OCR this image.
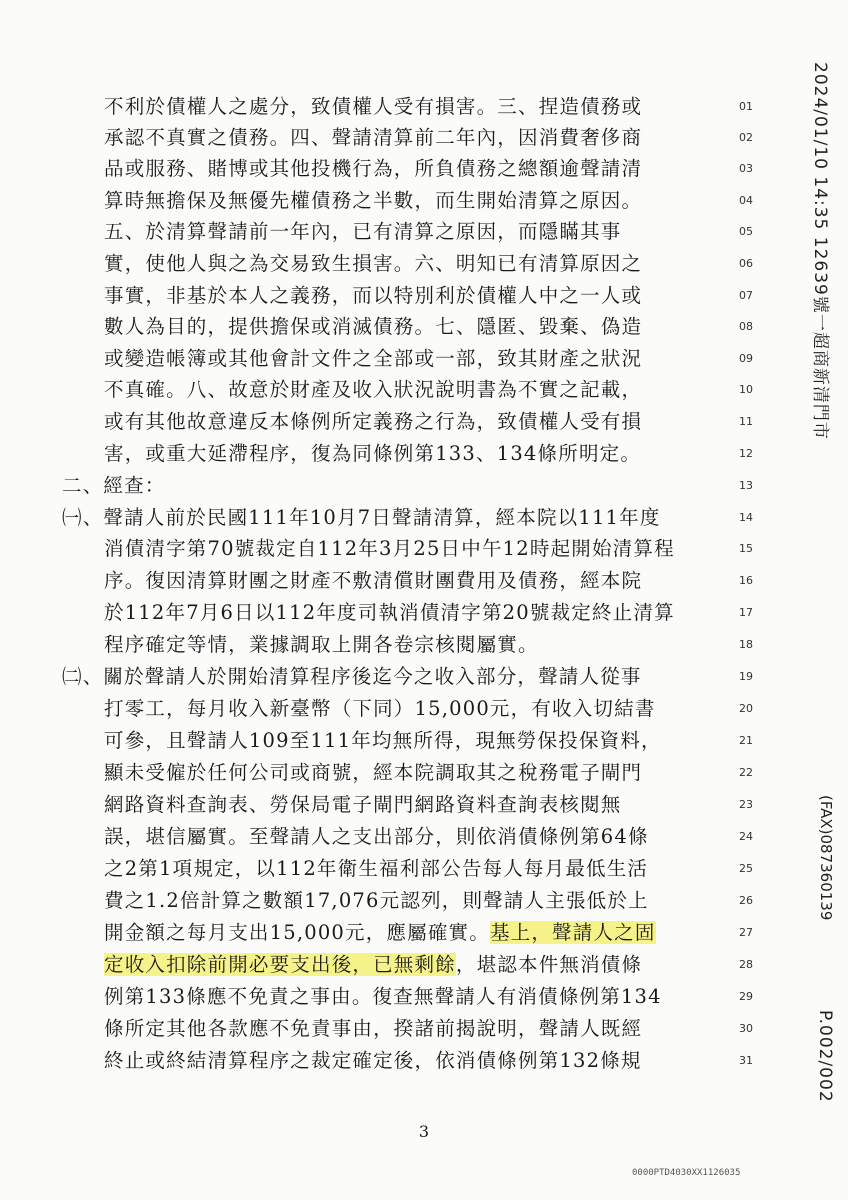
不利於債權人之處分，致債權人受有損害。三、捏造債務或	01
承認不真實之債務。四、聲請清算前二年內，因消費奢侈商	02
品或服務、賭博或其他投機行為，所負債務之總額逾聲請清	03
算時無擔保及無優先權債務之半數，而生開始清算之原因。	04
五、於清算聲請前一年內，已有清算之原因，而隱瞞其事	05
實，使他人與之為交易致生損害。六、明知已有清算原因之	06
事實，非基於本人之義務，而以特別利於債權人中之一人或	07
數人為目的，提供擔保或消滅債務。七、隱匿、毀棄、偽造	08
或變造帳簿或其他會計文件之全部或一部，致其財產之狀況	09
不真確。八、故意於財產及收入狀況說明書為不實之記載，	10
或有其他故意違反本條例所定義務之行為，致債權人受有損	11
害，或重大延滯程序，復為同條例第133、134條所明定。	12
二、經查：	13
㈠、聲請人前於民國111年10月7日聲請清算，經本院以111年度	14
消債清字第70號裁定自112年3月25日中午12時起開始清算程	15
序。復因清算財團之財產不敷清償財團費用及債務，經本院	16
於112年7月6日以112年度司執消債清字第20號裁定終止清算	17
程序確定等情，業據調取上開各卷宗核閱屬實。	18
㈡、關於聲請人於開始清算程序後迄今之收入部分，聲請人從事	19
打零工，每月收入新臺幣（下同）15,000元，有收入切結書	20
可參，且聲請人109至111年均無所得，現無勞保投保資料，	21
顯未受僱於任何公司或商號，經本院調取其之稅務電子閘門	22
網路資料查詢表、勞保局電子閘門網路資料查詢表核閱無	23
誤，堪信屬實。至聲請人之支出部分，則依消債條例第64條	24
之2第1項規定，以112年衛生福利部公告每人每月最低生活	25
費之1.2倍計算之數額17,076元認列，則聲請人主張低於上	26
開金額之每月支出15,000元，應屬確實。基上，聲請人之固	27
定收入扣除前開必要支出後，已無剩餘，堪認本件無消債條	28
例第133條應不免責之事由。復查無聲請人有消債條例第134	29
條所定其他各款應不免責事由，揆諸前揭說明，聲請人既經	30
終止或終結清算程序之裁定確定後，依消債條例第132條規	31
2024/01/10 14:35 12639號一超商新清門市
(FAX)087360139
P.002/002
3
0000PTD4030XX1126035
